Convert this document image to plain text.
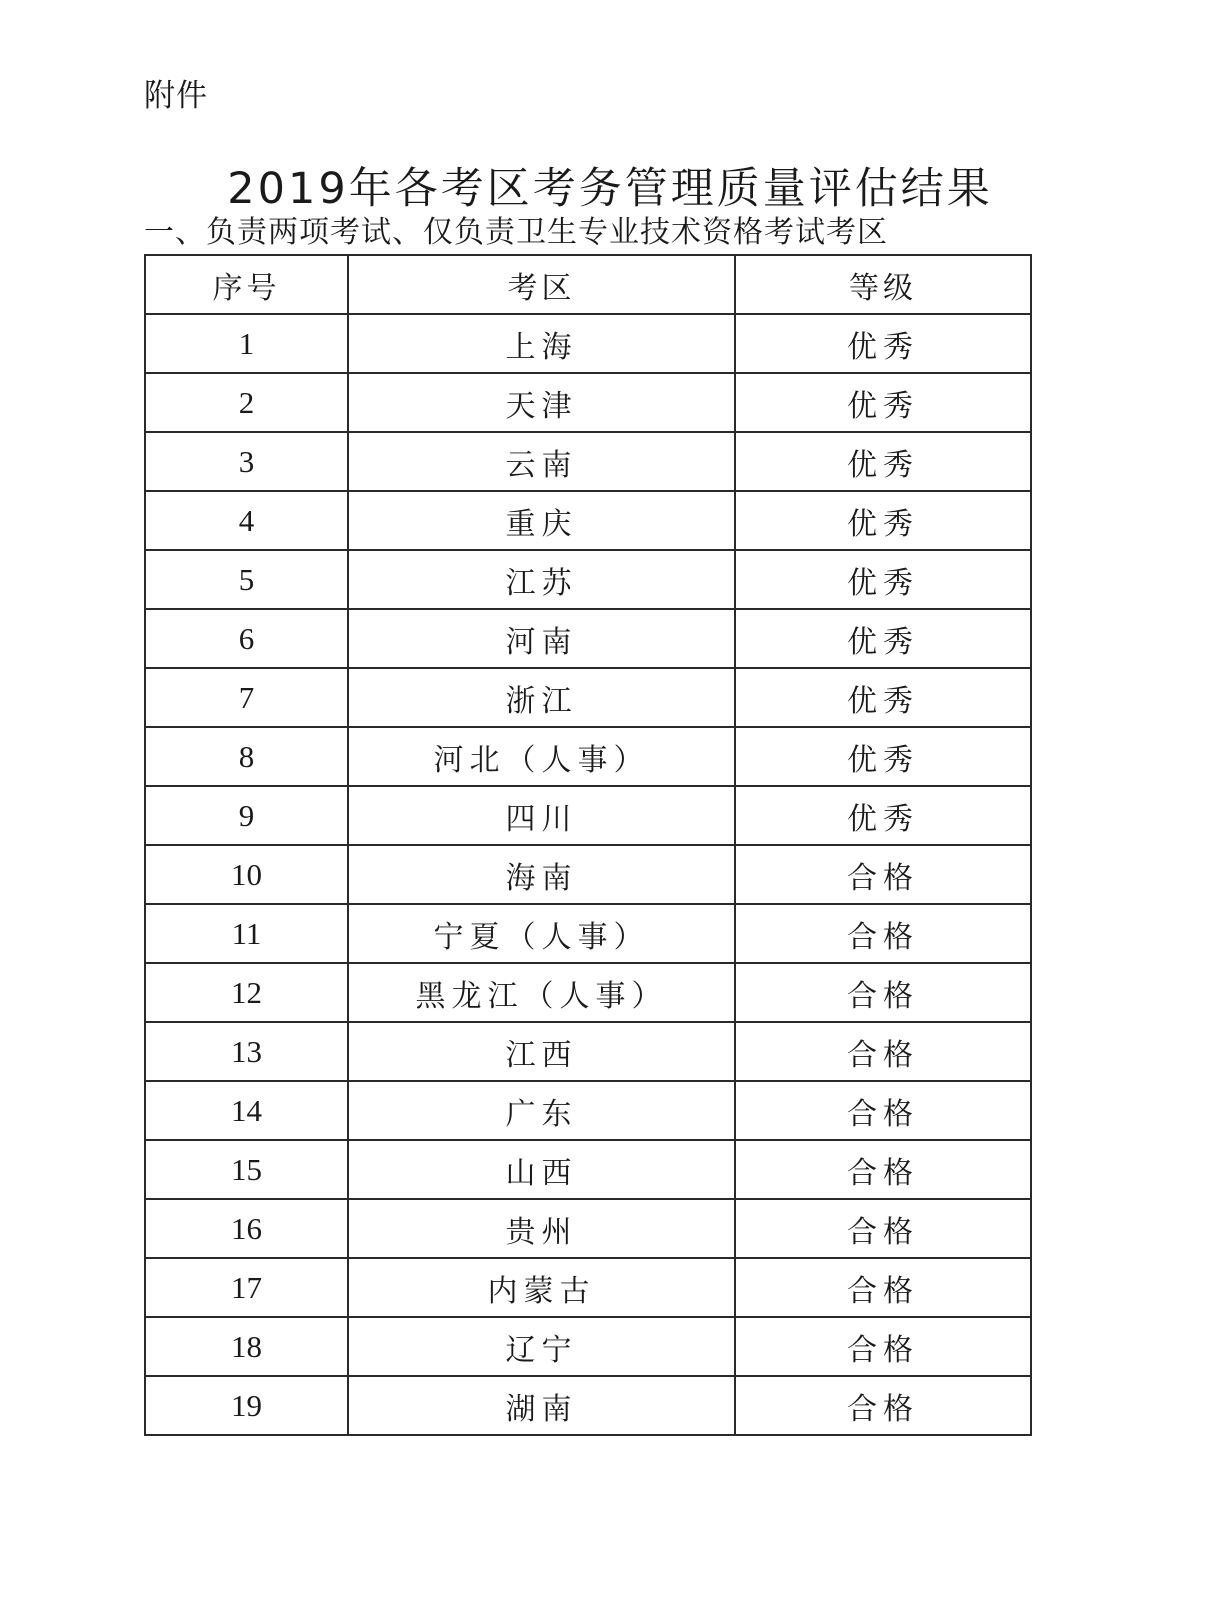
附件
2019年各考区考务管理质量评估结果
一、负责两项考试、仅负责卫生专业技术资格考试考区
序号	考区	等级
1	上海	优秀
2	天津	优秀
3	云南	优秀
4	重庆	优秀
5	江苏	优秀
6	河南	优秀
7	浙江	优秀
8	河北（人事）	优秀
9	四川	优秀
10	海南	合格
11	宁夏（人事）	合格
12	黑龙江（人事）	合格
13	江西	合格
14	广东	合格
15	山西	合格
16	贵州	合格
17	内蒙古	合格
18	辽宁	合格
19	湖南	合格
